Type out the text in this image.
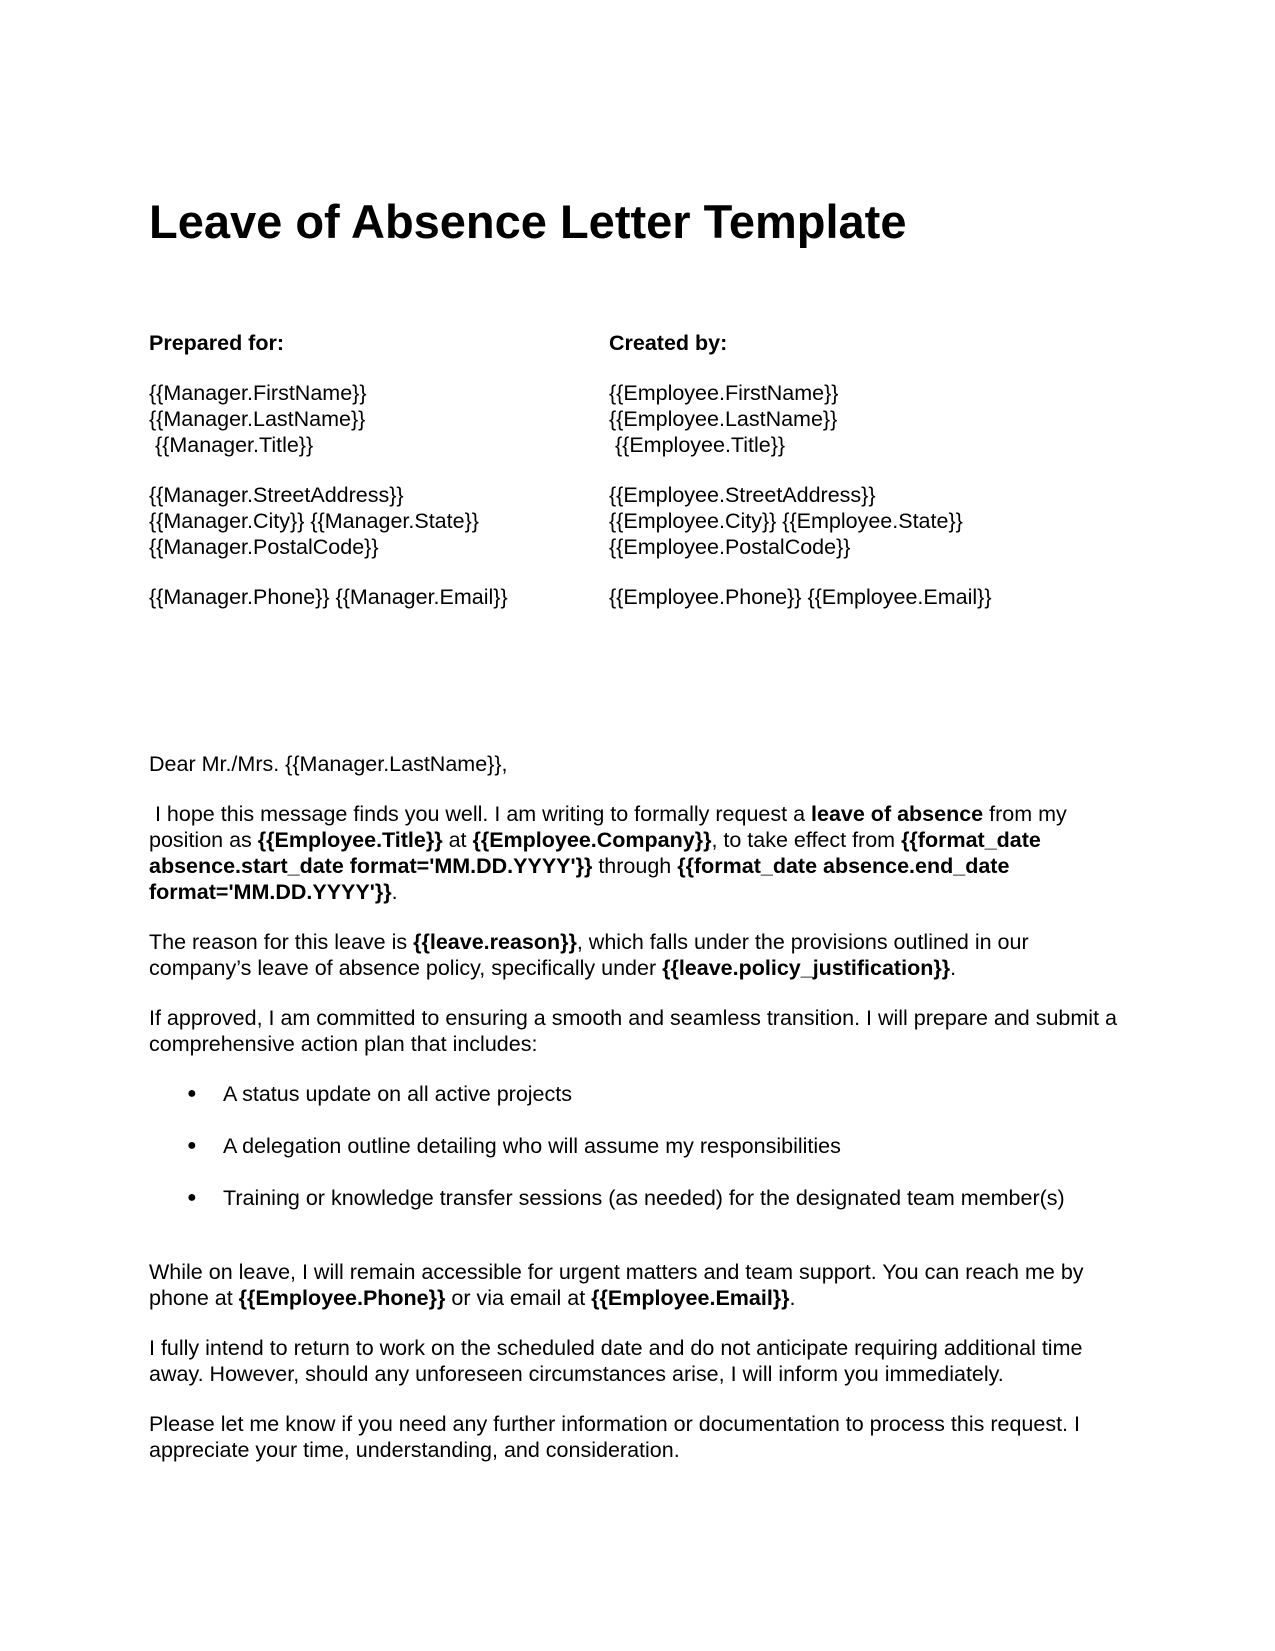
Leave of Absence Letter Template
Prepared for:
{{Manager.FirstName}}
{{Manager.LastName}}
{{Manager.Title}}
{{Manager.StreetAddress}}
{{Manager.City}} {{Manager.State}}
{{Manager.PostalCode}}
{{Manager.Phone}} {{Manager.Email}}
Created by:
{{Employee.FirstName}}
{{Employee.LastName}}
{{Employee.Title}}
{{Employee.StreetAddress}}
{{Employee.City}} {{Employee.State}}
{{Employee.PostalCode}}
{{Employee.Phone}} {{Employee.Email}}

Dear Mr./Mrs. {{Manager.LastName}},

I hope this message finds you well. I am writing to formally request a leave of absence from my position as {{Employee.Title}} at {{Employee.Company}}, to take effect from {{format_date absence.start_date format='MM.DD.YYYY'}} through {{format_date absence.end_date format='MM.DD.YYYY'}}.

The reason for this leave is {{leave.reason}}, which falls under the provisions outlined in our company’s leave of absence policy, specifically under {{leave.policy_justification}}.

If approved, I am committed to ensuring a smooth and seamless transition. I will prepare and submit a comprehensive action plan that includes:

● A status update on all active projects
● A delegation outline detailing who will assume my responsibilities
● Training or knowledge transfer sessions (as needed) for the designated team member(s)

While on leave, I will remain accessible for urgent matters and team support. You can reach me by phone at {{Employee.Phone}} or via email at {{Employee.Email}}.

I fully intend to return to work on the scheduled date and do not anticipate requiring additional time away. However, should any unforeseen circumstances arise, I will inform you immediately.

Please let me know if you need any further information or documentation to process this request. I appreciate your time, understanding, and consideration.
